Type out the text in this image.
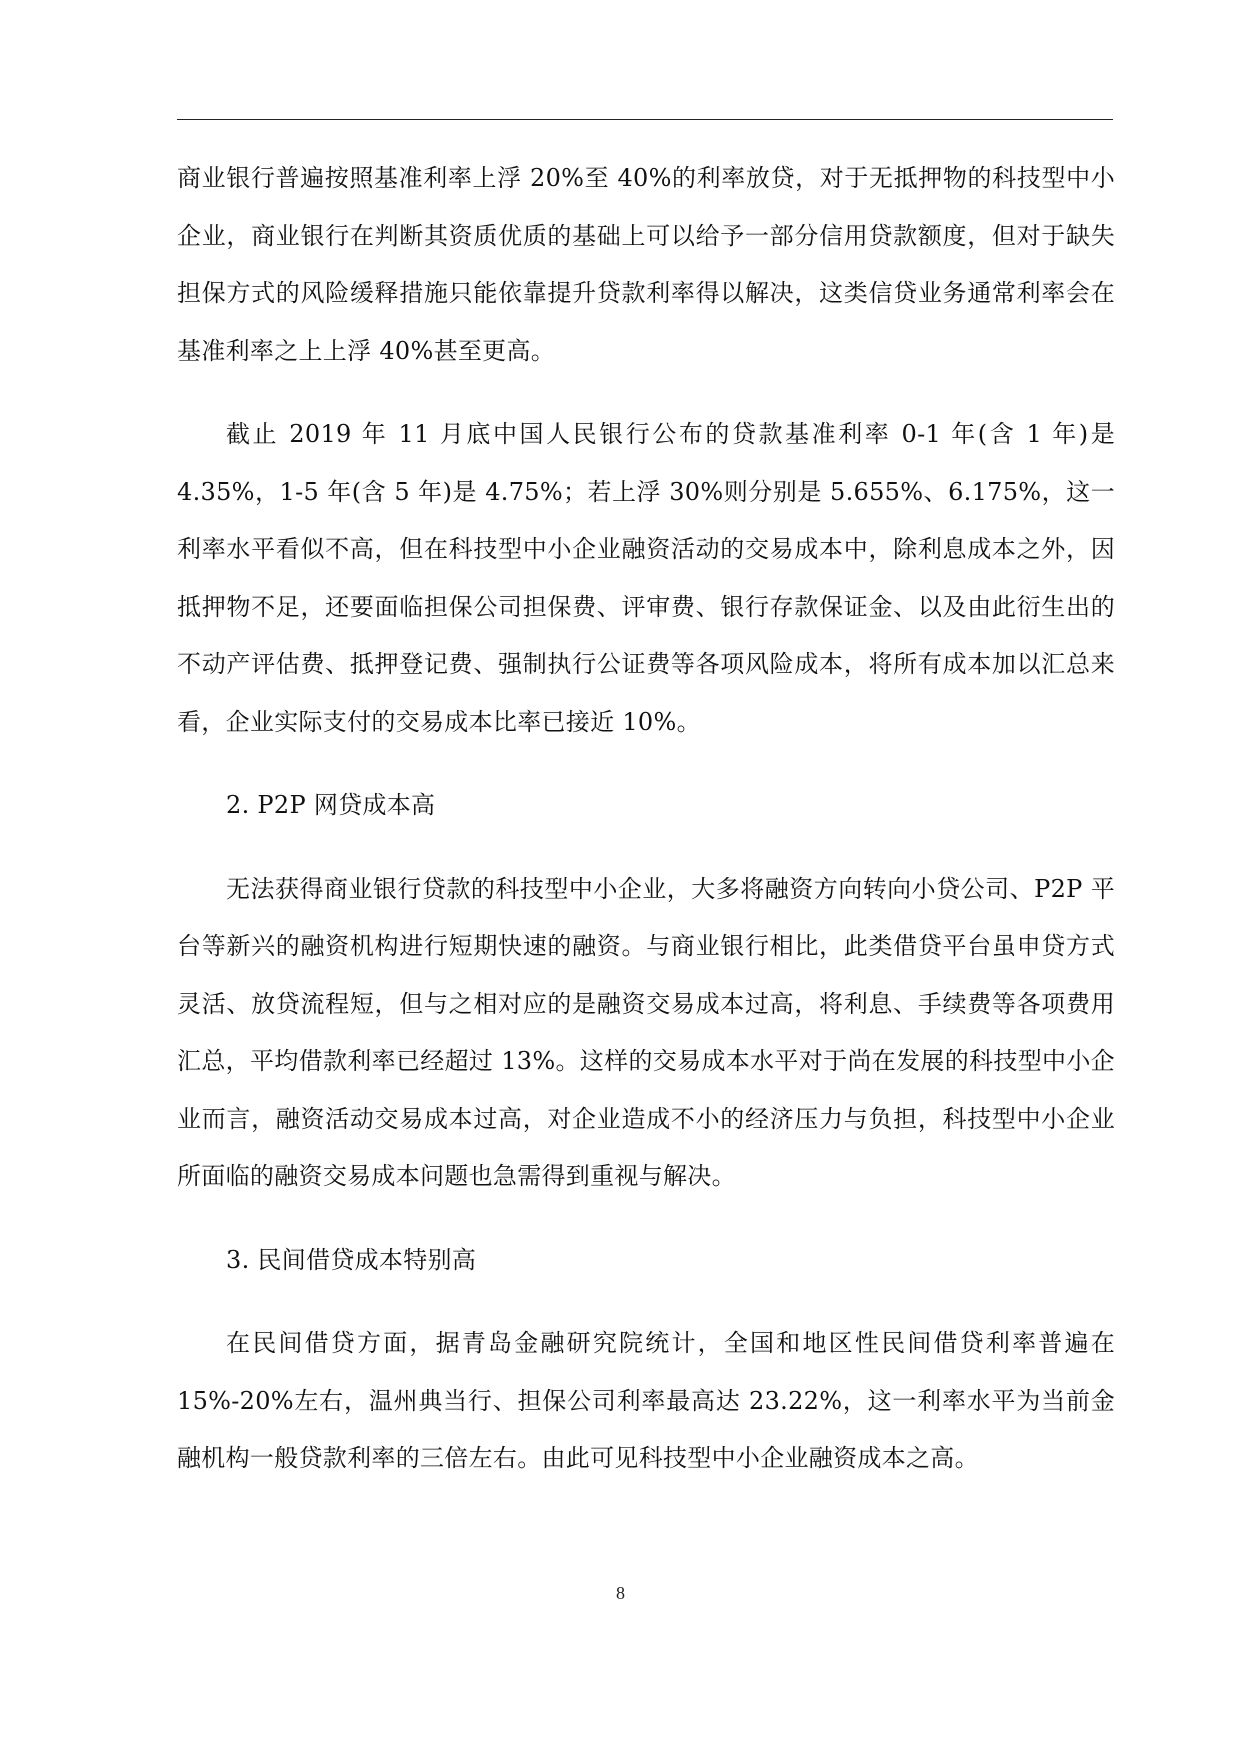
商业银行普遍按照基准利率上浮 20%至 40%的利率放贷，对于无抵押物的科技型中小企业，商业银行在判断其资质优质的基础上可以给予一部分信用贷款额度，但对于缺失担保方式的风险缓释措施只能依靠提升贷款利率得以解决，这类信贷业务通常利率会在基准利率之上上浮 40%甚至更高。

截止 2019 年 11 月底中国人民银行公布的贷款基准利率 0-1 年(含 1 年)是 4.35%，1-5 年(含 5 年)是 4.75%；若上浮 30%则分别是 5.655%、6.175%，这一利率水平看似不高，但在科技型中小企业融资活动的交易成本中，除利息成本之外，因抵押物不足，还要面临担保公司担保费、评审费、银行存款保证金、以及由此衍生出的不动产评估费、抵押登记费、强制执行公证费等各项风险成本，将所有成本加以汇总来看，企业实际支付的交易成本比率已接近 10%。

2. P2P 网贷成本高

无法获得商业银行贷款的科技型中小企业，大多将融资方向转向小贷公司、P2P 平台等新兴的融资机构进行短期快速的融资。与商业银行相比，此类借贷平台虽申贷方式灵活、放贷流程短，但与之相对应的是融资交易成本过高，将利息、手续费等各项费用汇总，平均借款利率已经超过 13%。这样的交易成本水平对于尚在发展的科技型中小企业而言，融资活动交易成本过高，对企业造成不小的经济压力与负担，科技型中小企业所面临的融资交易成本问题也急需得到重视与解决。

3. 民间借贷成本特别高

在民间借贷方面，据青岛金融研究院统计，全国和地区性民间借贷利率普遍在 15%-20%左右，温州典当行、担保公司利率最高达 23.22%，这一利率水平为当前金融机构一般贷款利率的三倍左右。由此可见科技型中小企业融资成本之高。

8
